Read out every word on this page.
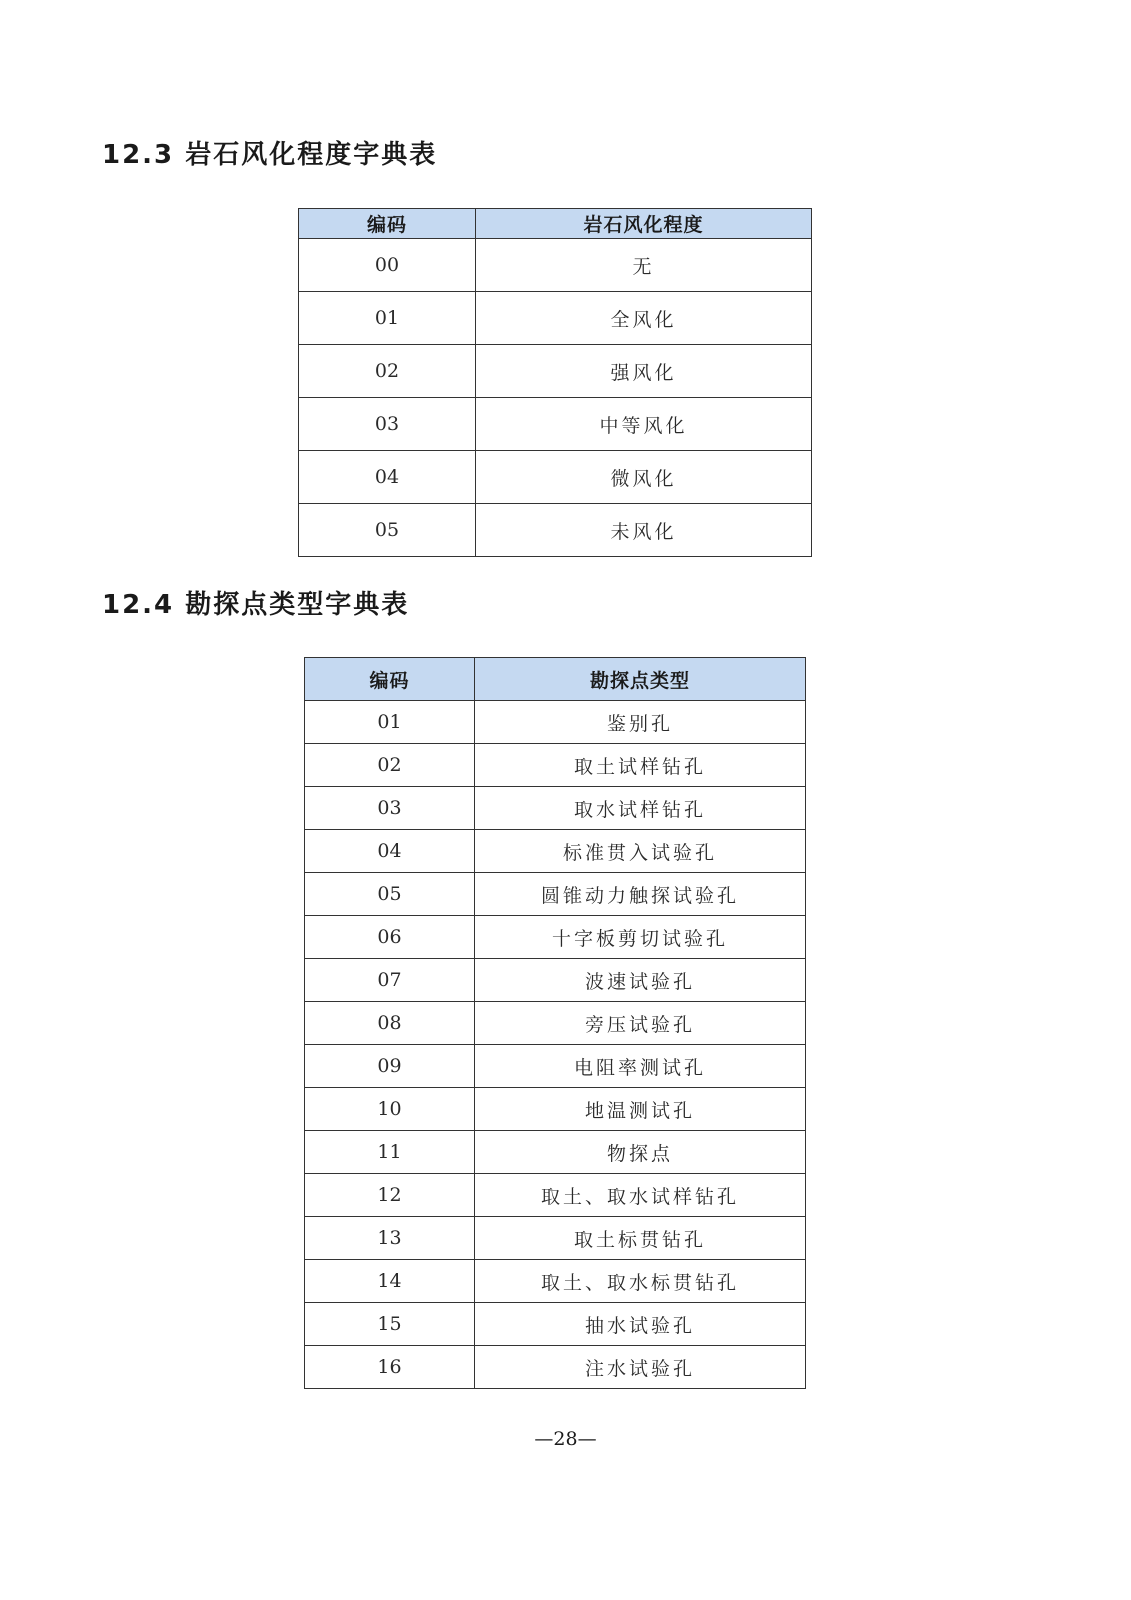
12.3 岩石风化程度字典表
编码	岩石风化程度
00	无
01	全风化
02	强风化
03	中等风化
04	微风化
05	未风化
12.4 勘探点类型字典表
编码	勘探点类型
01	鉴别孔
02	取土试样钻孔
03	取水试样钻孔
04	标准贯入试验孔
05	圆锥动力触探试验孔
06	十字板剪切试验孔
07	波速试验孔
08	旁压试验孔
09	电阻率测试孔
10	地温测试孔
11	物探点
12	取土、取水试样钻孔
13	取土标贯钻孔
14	取土、取水标贯钻孔
15	抽水试验孔
16	注水试验孔
—28—
